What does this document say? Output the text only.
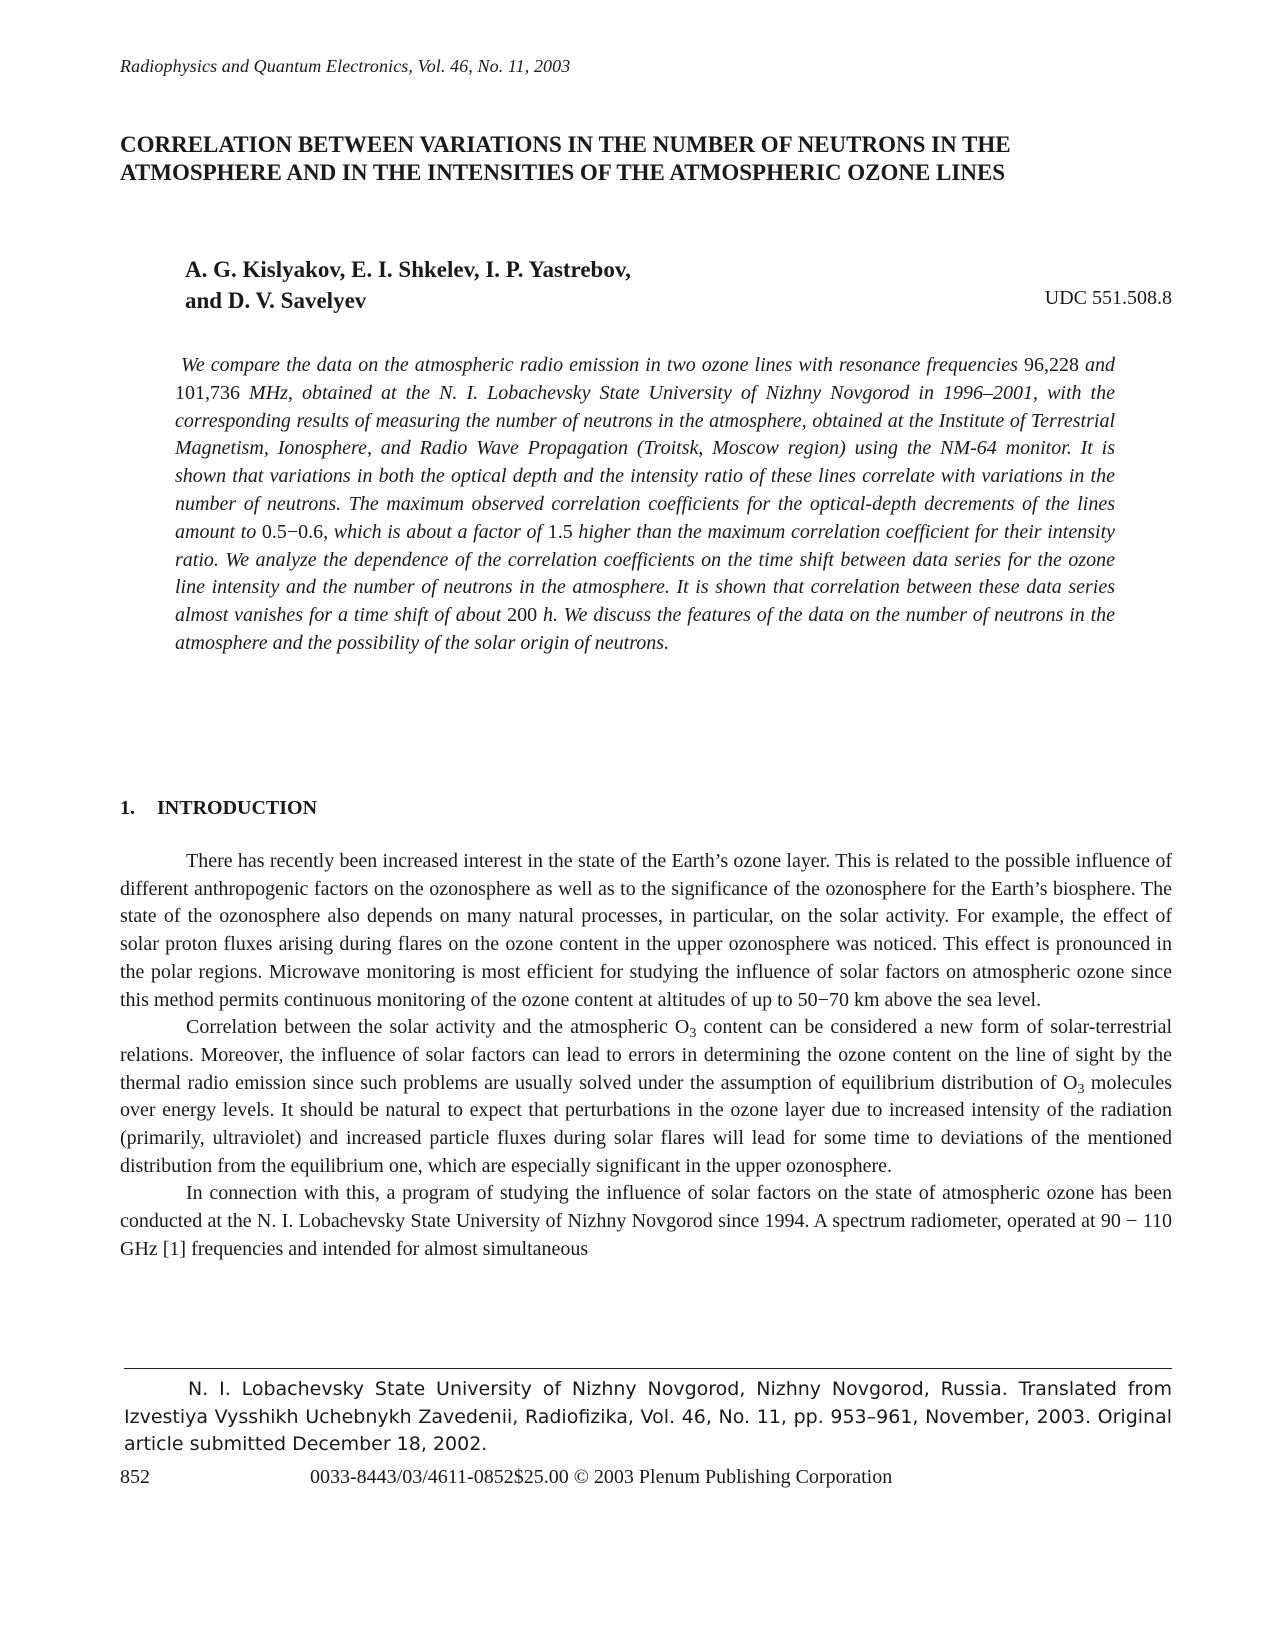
Radiophysics and Quantum Electronics, Vol. 46, No. 11, 2003
CORRELATION BETWEEN VARIATIONS IN THE NUMBER OF NEUTRONS IN THE ATMOSPHERE AND IN THE INTENSITIES OF THE ATMOSPHERIC OZONE LINES
A. G. Kislyakov, E. I. Shkelev, I. P. Yastrebov,
and D. V. Savelyev	UDC 551.508.8

We compare the data on the atmospheric radio emission in two ozone lines with resonance frequencies 96,228 and 101,736 MHz, obtained at the N. I. Lobachevsky State University of Nizhny Novgorod in 1996–2001, with the corresponding results of measuring the number of neutrons in the atmosphere, obtained at the Institute of Terrestrial Magnetism, Ionosphere, and Radio Wave Propagation (Troitsk, Moscow region) using the NM-64 monitor. It is shown that variations in both the optical depth and the intensity ratio of these lines correlate with variations in the number of neutrons. The maximum observed correlation coefficients for the optical-depth decrements of the lines amount to 0.5−0.6, which is about a factor of 1.5 higher than the maximum correlation coefficient for their intensity ratio. We analyze the dependence of the correlation coefficients on the time shift between data series for the ozone line intensity and the number of neutrons in the atmosphere. It is shown that correlation between these data series almost vanishes for a time shift of about 200 h. We discuss the features of the data on the number of neutrons in the atmosphere and the possibility of the solar origin of neutrons.

1. INTRODUCTION

There has recently been increased interest in the state of the Earth’s ozone layer. This is related to the possible influence of different anthropogenic factors on the ozonosphere as well as to the significance of the ozonosphere for the Earth’s biosphere. The state of the ozonosphere also depends on many natural processes, in particular, on the solar activity. For example, the effect of solar proton fluxes arising during flares on the ozone content in the upper ozonosphere was noticed. This effect is pronounced in the polar regions. Microwave monitoring is most efficient for studying the influence of solar factors on atmospheric ozone since this method permits continuous monitoring of the ozone content at altitudes of up to 50−70 km above the sea level.

Correlation between the solar activity and the atmospheric $O_3$ content can be considered a new form of solar-terrestrial relations. Moreover, the influence of solar factors can lead to errors in determining the ozone content on the line of sight by the thermal radio emission since such problems are usually solved under the assumption of equilibrium distribution of $O_3$ molecules over energy levels. It should be natural to expect that perturbations in the ozone layer due to increased intensity of the radiation (primarily, ultraviolet) and increased particle fluxes during solar flares will lead for some time to deviations of the mentioned distribution from the equilibrium one, which are especially significant in the upper ozonosphere.

In connection with this, a program of studying the influence of solar factors on the state of atmospheric ozone has been conducted at the N. I. Lobachevsky State University of Nizhny Novgorod since 1994. A spectrum radiometer, operated at 90 − 110 GHz [1] frequencies and intended for almost simultaneous

N. I. Lobachevsky State University of Nizhny Novgorod, Nizhny Novgorod, Russia. Translated from Izvestiya Vysshikh Uchebnykh Zavedenii, Radiofizika, Vol. 46, No. 11, pp. 953–961, November, 2003. Original article submitted December 18, 2002.

852	0033-8443/03/4611-0852$25.00 © 2003 Plenum Publishing Corporation
